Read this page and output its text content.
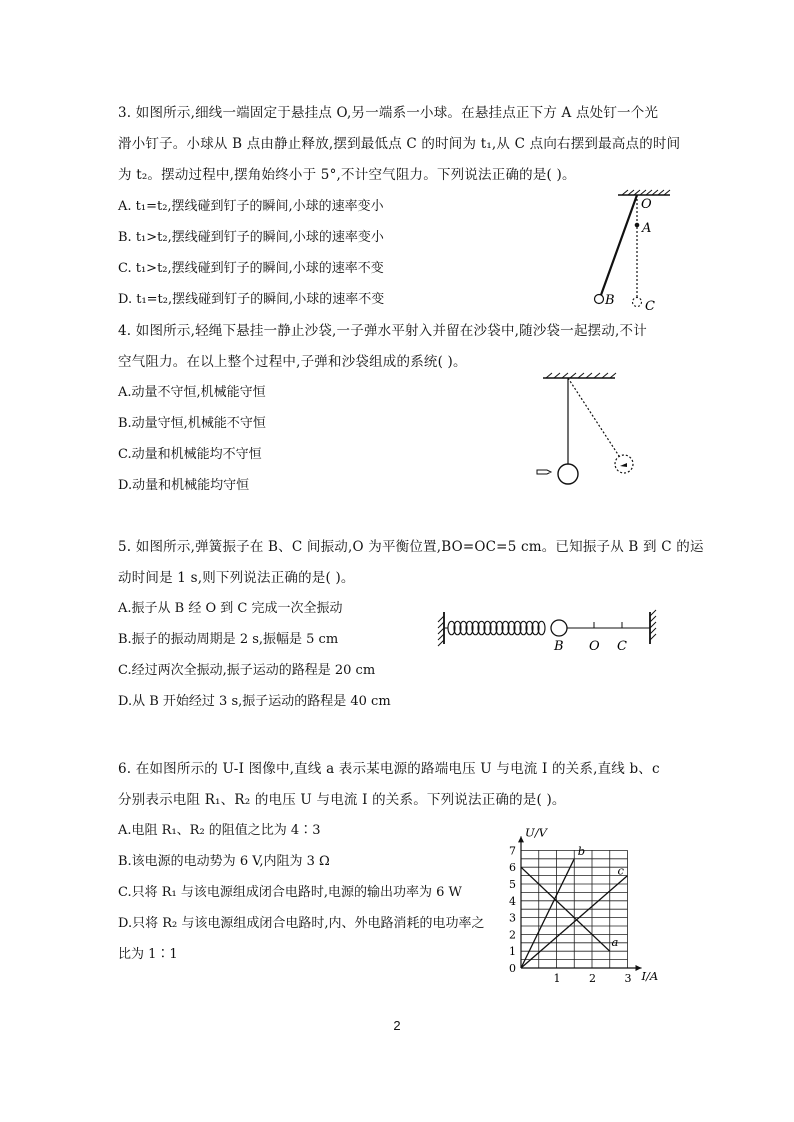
3. 如图所示,细线一端固定于悬挂点 O,另一端系一小球。在悬挂点正下方 A 点处钉一个光
滑小钉子。小球从 B 点由静止释放,摆到最低点 C 的时间为 t₁,从 C 点向右摆到最高点的时间
为 t₂。摆动过程中,摆角始终小于 5°,不计空气阻力。下列说法正确的是( )。
A. t₁=t₂,摆线碰到钉子的瞬间,小球的速率变小
B. t₁>t₂,摆线碰到钉子的瞬间,小球的速率变小
C. t₁>t₂,摆线碰到钉子的瞬间,小球的速率不变
D. t₁=t₂,摆线碰到钉子的瞬间,小球的速率不变
O
A
B C
4. 如图所示,轻绳下悬挂一静止沙袋,一子弹水平射入并留在沙袋中,随沙袋一起摆动,不计
空气阻力。在以上整个过程中,子弹和沙袋组成的系统( )。
A.动量不守恒,机械能守恒
B.动量守恒,机械能不守恒
C.动量和机械能均不守恒
D.动量和机械能均守恒
5. 如图所示,弹簧振子在 B、C 间振动,O 为平衡位置,BO=OC=5 cm。已知振子从 B 到 C 的运
动时间是 1 s,则下列说法正确的是( )。
A.振子从 B 经 O 到 C 完成一次全振动
B.振子的振动周期是 2 s,振幅是 5 cm
C.经过两次全振动,振子运动的路程是 20 cm
D.从 B 开始经过 3 s,振子运动的路程是 40 cm
B O C
6. 在如图所示的 U-I 图像中,直线 a 表示某电源的路端电压 U 与电流 I 的关系,直线 b、c
分别表示电阻 R₁、R₂ 的电压 U 与电流 I 的关系。下列说法正确的是( )。
A.电阻 R₁、R₂ 的阻值之比为 4∶3
B.该电源的电动势为 6 V,内阻为 3 Ω
C.只将 R₁ 与该电源组成闭合电路时,电源的输出功率为 6 W
D.只将 R₂ 与该电源组成闭合电路时,内、外电路消耗的电功率之
比为 1∶1
1	2	3
0
1
2
3
4
5
6
7
I/A
U/V
a
b
c
2
